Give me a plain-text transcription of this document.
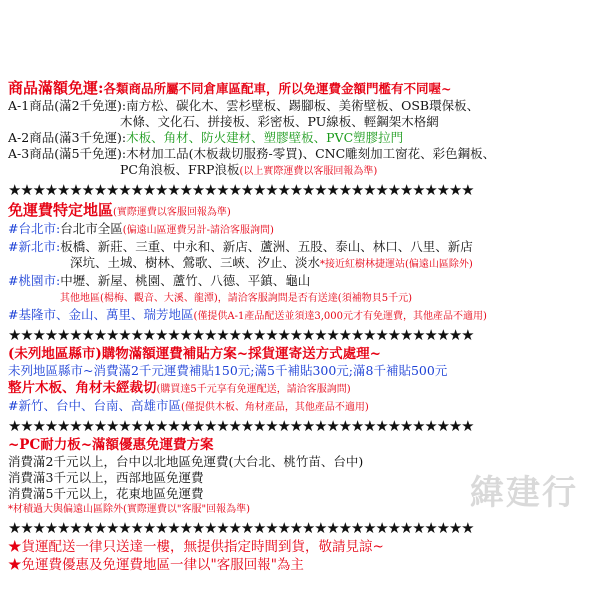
商品滿額免運:各類商品所屬不同倉庫區配車，所以免運費金額門檻有不同喔~
A-1商品(滿2千免運):南方松、碳化木、雲杉壁板、踢腳板、美術壁板、OSB環保板、
木條、文化石、拼接板、彩密板、PU線板、輕鋼架木格網
A-2商品(滿3千免運):木板、角材、防火建材、塑膠壁板、PVC塑膠拉門
A-3商品(滿5千免運):木材加工品(木板裁切服務-零買)、CNC雕刻加工窗花、彩色鋼板、
PC角浪板、FRP浪板(以上實際運費以客服回報為準)
★★★★★★★★★★★★★★★★★★★★★★★★★★★★★★★★★★★★★★
免運費特定地區(實際運費以客服回報為準)
#台北市:台北市全區(偏遠山區運費另計-請洽客服詢問)
#新北市:板橋、新莊、三重、中永和、新店、蘆洲、五股、泰山、林口、八里、新店
深坑、土城、樹林、鶯歌、三峽、汐止、淡水*接近紅樹林捷運站(偏遠山區除外)
#桃園市:中壢、新屋、桃園、蘆竹、八德、平鎮、龜山
其他地區(楊梅、觀音、大溪、龍潭)，請洽客服詢問是否有送達(須補物貝5千元)
#基隆市、金山、萬里、瑞芳地區(僅提供A-1產品配送並須達3,000元才有免運費，其他產品不適用)
★★★★★★★★★★★★★★★★★★★★★★★★★★★★★★★★★★★★★★
(未列地區縣市)購物滿額運費補貼方案~採貨運寄送方式處理~
未列地區縣市~消費滿2千元運費補貼150元;滿5千補貼300元;滿8千補貼500元
整片木板、角材未經裁切(購買達5千元享有免運配送，請洽客服詢問)
#新竹、台中、台南、高雄市區(僅提供木板、角材產品，其他產品不適用)
★★★★★★★★★★★★★★★★★★★★★★★★★★★★★★★★★★★★★★
~PC耐力板~滿額優惠免運費方案
消費滿2千元以上，台中以北地區免運費(大台北、桃竹苗、台中)
消費滿3千元以上，西部地區免運費
消費滿5千元以上，花東地區免運費
*材積過大與偏遠山區除外(實際運費以"客服"回報為準)
★★★★★★★★★★★★★★★★★★★★★★★★★★★★★★★★★★★★★★
★貨運配送一律只送達一樓，無提供指定時間到貨，敬請見諒~
★免運費優惠及免運費地區一律以"客服回報"為主
緯建行
